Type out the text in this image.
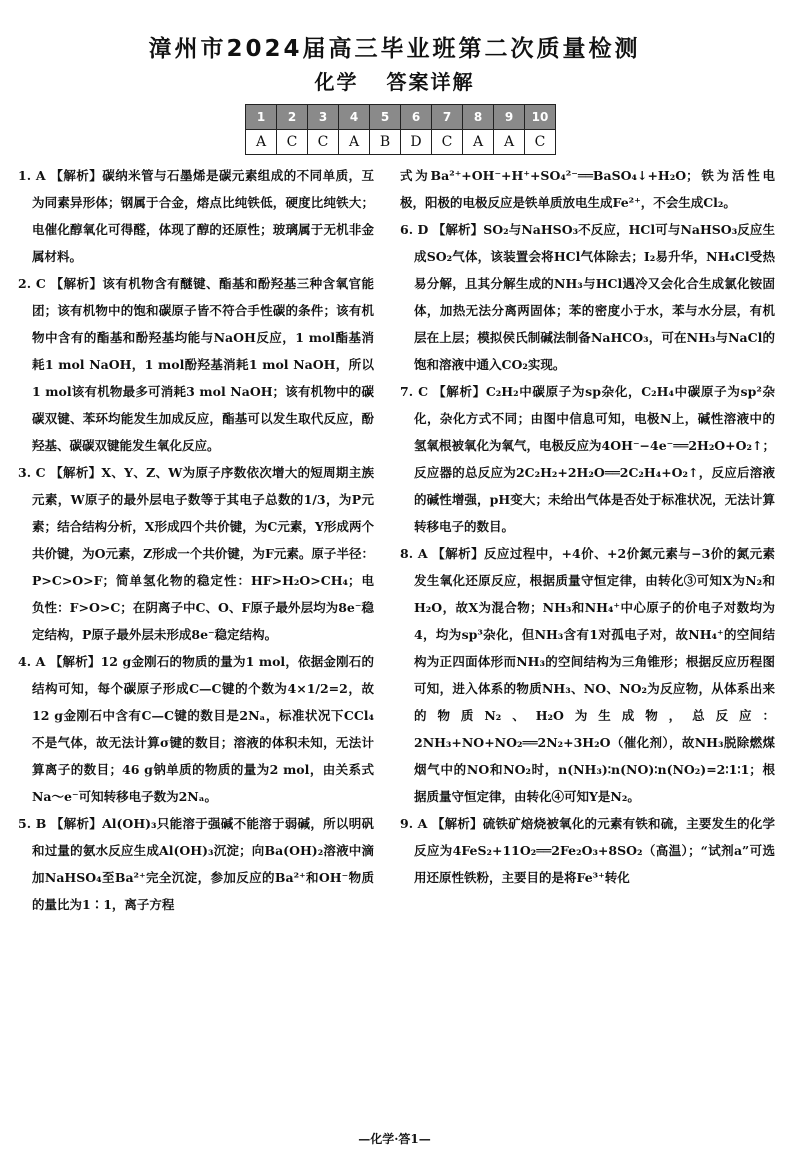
漳州市2024届高三毕业班第二次质量检测
化学 答案详解
1	2	3	4	5	6	7	8	9	10
A	C	C	A	B	D	C	A	A	C

1. A 【解析】碳纳米管与石墨烯是碳元素组成的不同单质，互为同素异形体；钢属于合金，熔点比纯铁低，硬度比纯铁大；电催化醇氧化可得醛，体现了醇的还原性；玻璃属于无机非金属材料。

2. C 【解析】该有机物含有醚键、酯基和酚羟基三种含氧官能团；该有机物中的饱和碳原子皆不符合手性碳的条件；该有机物中含有的酯基和酚羟基均能与NaOH反应，1 mol酯基消耗1 mol NaOH，1 mol酚羟基消耗1 mol NaOH，所以1 mol该有机物最多可消耗3 mol NaOH；该有机物中的碳碳双键、苯环均能发生加成反应，酯基可以发生取代反应，酚羟基、碳碳双键能发生氧化反应。

3. C 【解析】X、Y、Z、W为原子序数依次增大的短周期主族元素，W原子的最外层电子数等于其电子总数的1/3，为P元素；结合结构分析，X形成四个共价键，为C元素，Y形成两个共价键，为O元素，Z形成一个共价键，为F元素。原子半径：P>C>O>F；简单氢化物的稳定性：HF>H₂O>CH₄；电负性：F>O>C；在阴离子中C、O、F原子最外层均为8e⁻稳定结构，P原子最外层未形成8e⁻稳定结构。

4. A 【解析】12 g金刚石的物质的量为1 mol，依据金刚石的结构可知，每个碳原子形成C—C键的个数为4×1/2=2，故12 g金刚石中含有C—C键的数目是2Nₐ，标准状况下CCl₄不是气体，故无法计算σ键的数目；溶液的体积未知，无法计算离子的数目；46 g钠单质的物质的量为2 mol，由关系式Na～e⁻可知转移电子数为2Nₐ。

5. B 【解析】Al(OH)₃只能溶于强碱不能溶于弱碱，所以明矾和过量的氨水反应生成Al(OH)₃沉淀；向Ba(OH)₂溶液中滴加NaHSO₄至Ba²⁺完全沉淀，参加反应的Ba²⁺和OH⁻物质的量比为1∶1，离子方程

式为Ba²⁺+OH⁻+H⁺+SO₄²⁻══BaSO₄↓+H₂O；铁为活性电极，阳极的电极反应是铁单质放电生成Fe²⁺，不会生成Cl₂。

6. D 【解析】SO₂与NaHSO₃不反应，HCl可与NaHSO₃反应生成SO₂气体，该装置会将HCl气体除去；I₂易升华，NH₄Cl受热易分解，且其分解生成的NH₃与HCl遇冷又会化合生成氯化铵固体，加热无法分离两固体；苯的密度小于水，苯与水分层，有机层在上层；模拟侯氏制碱法制备NaHCO₃，可在NH₃与NaCl的饱和溶液中通入CO₂实现。

7. C 【解析】C₂H₂中碳原子为sp杂化，C₂H₄中碳原子为sp²杂化，杂化方式不同；由图中信息可知，电极N上，碱性溶液中的氢氧根被氧化为氧气，电极反应为4OH⁻−4e⁻══2H₂O+O₂↑；反应器的总反应为2C₂H₂+2H₂O══2C₂H₄+O₂↑，反应后溶液的碱性增强，pH变大；未给出气体是否处于标准状况，无法计算转移电子的数目。

8. A 【解析】反应过程中，+4价、+2价氮元素与−3价的氮元素发生氧化还原反应，根据质量守恒定律，由转化③可知X为N₂和H₂O，故X为混合物；NH₃和NH₄⁺中心原子的价电子对数均为4，均为sp³杂化，但NH₃含有1对孤电子对，故NH₄⁺的空间结构为正四面体形而NH₃的空间结构为三角锥形；根据反应历程图可知，进入体系的物质NH₃、NO、NO₂为反应物，从体系出来的物质N₂、H₂O为生成物，总反应：2NH₃+NO+NO₂══2N₂+3H₂O（催化剂），故NH₃脱除燃煤烟气中的NO和NO₂时，n(NH₃)∶n(NO)∶n(NO₂)=2∶1∶1；根据质量守恒定律，由转化④可知Y是N₂。

9. A 【解析】硫铁矿焙烧被氧化的元素有铁和硫，主要发生的化学反应为4FeS₂+11O₂══2Fe₂O₃+8SO₂（高温）；“试剂a”可选用还原性铁粉，主要目的是将Fe³⁺转化

—化学·答1—
